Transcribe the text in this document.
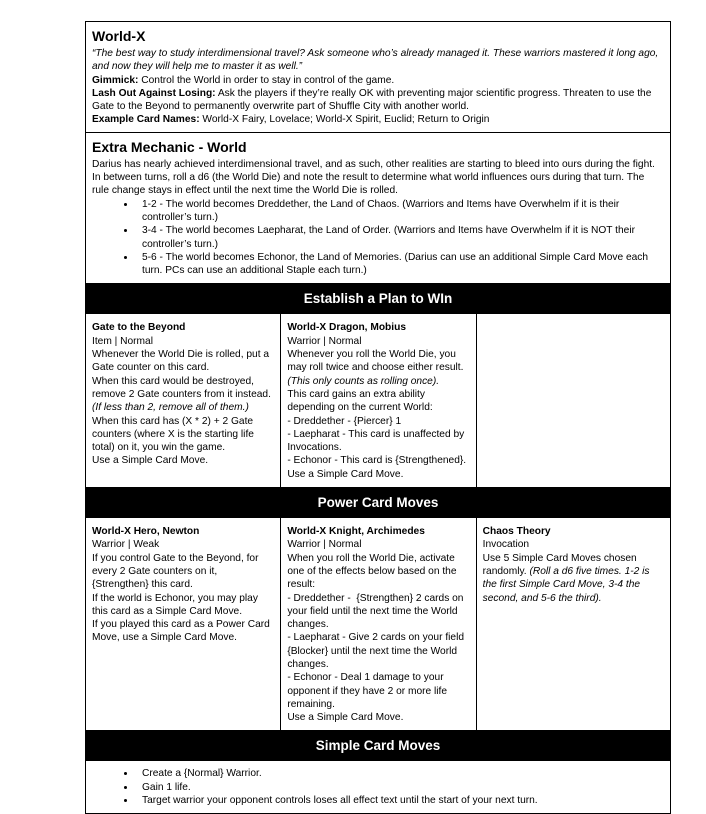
World-X
“The best way to study interdimensional travel? Ask someone who’s already managed it. These warriors mastered it long ago, and now they will help me to master it as well.”
Gimmick: Control the World in order to stay in control of the game.
Lash Out Against Losing: Ask the players if they’re really OK with preventing major scientific progress. Threaten to use the Gate to the Beyond to permanently overwrite part of Shuffle City with another world.
Example Card Names: World-X Fairy, Lovelace; World-X Spirit, Euclid; Return to Origin
Extra Mechanic - World
Darius has nearly achieved interdimensional travel, and as such, other realities are starting to bleed into ours during the fight.
In between turns, roll a d6 (the World Die) and note the result to determine what world influences ours during that turn. The rule change stays in effect until the next time the World Die is rolled.
• 1-2 - The world becomes Dreddether, the Land of Chaos. (Warriors and Items have Overwhelm if it is their controller’s turn.)
• 3-4 - The world becomes Laepharat, the Land of Order. (Warriors and Items have Overwhelm if it is NOT their controller’s turn.)
• 5-6 - The world becomes Echonor, the Land of Memories. (Darius can use an additional Simple Card Move each turn. PCs can use an additional Staple each turn.)
Establish a Plan to WIn
Gate to the Beyond
Item | Normal
Whenever the World Die is rolled, put a Gate counter on this card.
When this card would be destroyed, remove 2 Gate counters from it instead.
(If less than 2, remove all of them.)
When this card has (X * 2) + 2 Gate counters (where X is the starting life total) on it, you win the game.
Use a Simple Card Move.
World-X Dragon, Mobius
Warrior | Normal
Whenever you roll the World Die, you may roll twice and choose either result.
(This only counts as rolling once).
This card gains an extra ability depending on the current World:
- Dreddether - {Piercer} 1
- Laepharat - This card is unaffected by Invocations.
- Echonor - This card is {Strengthened}.
Use a Simple Card Move.
Power Card Moves
World-X Hero, Newton
Warrior | Weak
If you control Gate to the Beyond, for every 2 Gate counters on it, {Strengthen} this card.
If the world is Echonor, you may play this card as a Simple Card Move.
If you played this card as a Power Card Move, use a Simple Card Move.
World-X Knight, Archimedes
Warrior | Normal
When you roll the World Die, activate one of the effects below based on the result:
- Dreddether -  {Strengthen} 2 cards on your field until the next time the World changes.
- Laepharat - Give 2 cards on your field {Blocker} until the next time the World changes.
- Echonor - Deal 1 damage to your opponent if they have 2 or more life remaining.
Use a Simple Card Move.
Chaos Theory
Invocation
Use 5 Simple Card Moves chosen randomly. (Roll a d6 five times. 1-2 is the first Simple Card Move, 3-4 the second, and 5-6 the third).
Simple Card Moves
• Create a {Normal} Warrior.
• Gain 1 life.
• Target warrior your opponent controls loses all effect text until the start of your next turn.
